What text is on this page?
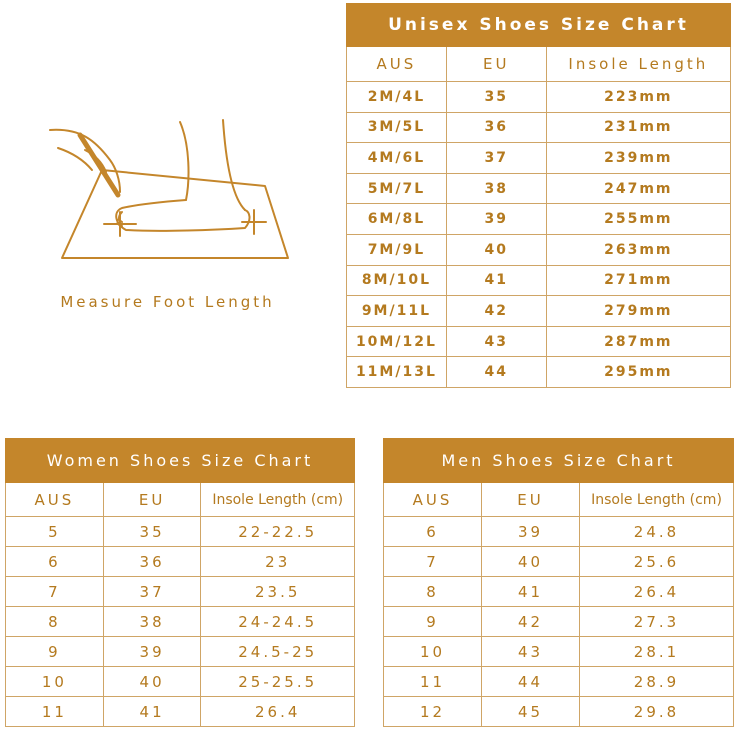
Measure Foot Length
Unisex Shoes Size Chart		
AUS	EU	Insole Length
2M/4L	35	223mm
3M/5L	36	231mm
4M/6L	37	239mm
5M/7L	38	247mm
6M/8L	39	255mm
7M/9L	40	263mm
8M/10L	41	271mm
9M/11L	42	279mm
10M/12L	43	287mm
11M/13L	44	295mm
Women Shoes Size Chart		
AUS	EU	Insole Length (cm)
5	35	22-22.5
6	36	23
7	37	23.5
8	38	24-24.5
9	39	24.5-25
10	40	25-25.5
11	41	26.4
Men Shoes Size Chart		
AUS	EU	Insole Length (cm)
6	39	24.8
7	40	25.6
8	41	26.4
9	42	27.3
10	43	28.1
11	44	28.9
12	45	29.8
